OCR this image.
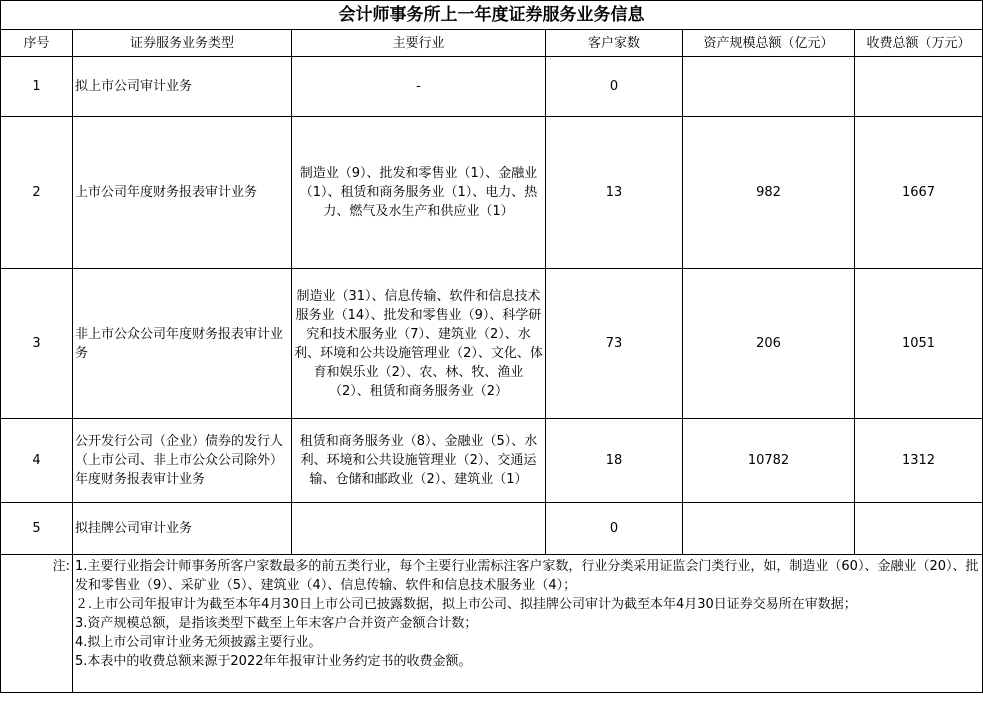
会计师事务所上一年度证券服务业务信息					
序号	证券服务业务类型	主要行业	客户家数	资产规模总额（亿元）	收费总额（万元）
1	拟上市公司审计业务	-	0		
2	上市公司年度财务报表审计业务	制造业（9）、批发和零售业（1）、金融业（1）、租赁和商务服务业（1）、电力、热力、燃气及水生产和供应业（1）	13	982	1667
3	非上市公众公司年度财务报表审计业务	制造业（31）、信息传输、软件和信息技术服务业（14）、批发和零售业（9）、科学研究和技术服务业（7）、建筑业（2）、水利、环境和公共设施管理业（2）、文化、体育和娱乐业（2）、农、林、牧、渔业（2）、租赁和商务服务业（2）	73	206	1051
4	公开发行公司（企业）债券的发行人（上市公司、非上市公众公司除外）年度财务报表审计业务	租赁和商务服务业（8）、金融业（5）、水利、环境和公共设施管理业（2）、交通运输、仓储和邮政业（2）、建筑业（1）	18	10782	1312
5	拟挂牌公司审计业务		0		
注:	1.主要行业指会计师事务所客户家数最多的前五类行业，每个主要行业需标注客户家数，行业分类采用证监会门类行业，如，制造业（60）、金融业（20）、批发和零售业（9）、采矿业（5）、建筑业（4）、信息传输、软件和信息技术服务业（4）；
２.上市公司年报审计为截至本年4月30日上市公司已披露数据，拟上市公司、拟挂牌公司审计为截至本年4月30日证券交易所在审数据；
3.资产规模总额，是指该类型下截至上年末客户合并资产金额合计数；
4.拟上市公司审计业务无须披露主要行业。
5.本表中的收费总额来源于2022年年报审计业务约定书的收费金额。				
